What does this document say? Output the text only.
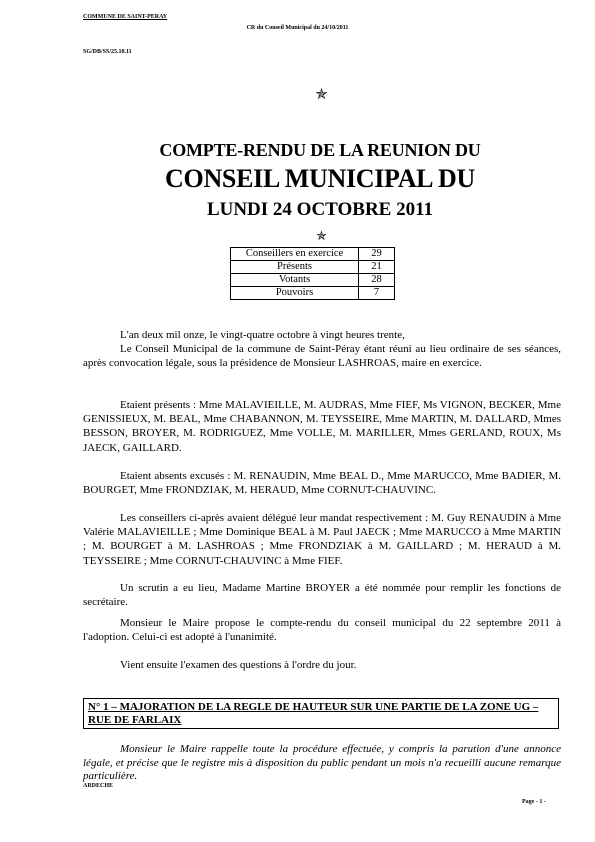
COMMUNE DE SAINT-PERAY
CR du Conseil Municipal du 24/10/2011
SG/DB/SS/25.10.11
✯
COMPTE-RENDU DE LA REUNION DU
CONSEIL MUNICIPAL DU
LUNDI 24 OCTOBRE 2011
✯
Conseillers en exercice	29
Présents	21
Votants	28
Pouvoirs	7

L'an deux mil onze, le vingt-quatre octobre à vingt heures trente,

Le Conseil Municipal de la commune de Saint-Péray étant réuni au lieu ordinaire de ses séances, après convocation légale, sous la présidence de Monsieur LASHROAS, maire en exercice.

Etaient présents : Mme MALAVIEILLE, M. AUDRAS, Mme FIEF, Ms VIGNON, BECKER, Mme GENISSIEUX, M. BEAL, Mme CHABANNON, M. TEYSSEIRE, Mme MARTIN, M. DALLARD, Mmes BESSON, BROYER, M. RODRIGUEZ, Mme VOLLE, M. MARILLER, Mmes GERLAND, ROUX, Ms JAECK, GAILLARD.

Etaient absents excusés : M. RENAUDIN, Mme BEAL D., Mme MARUCCO, Mme BADIER, M. BOURGET, Mme FRONDZIAK, M. HERAUD, Mme CORNUT-CHAUVINC.

Les conseillers ci-après avaient délégué leur mandat respectivement : M. Guy RENAUDIN à Mme Valérie MALAVIEILLE ; Mme Dominique BEAL à M. Paul JAECK ; Mme MARUCCO à Mme MARTIN ; M. BOURGET à M. LASHROAS ; Mme FRONDZIAK à M. GAILLARD ; M. HERAUD à M. TEYSSEIRE ; Mme CORNUT-CHAUVINC à Mme FIEF.

Un scrutin a eu lieu, Madame Martine BROYER a été nommée pour remplir les fonctions de secrétaire.

Monsieur le Maire propose le compte-rendu du conseil municipal du 22 septembre 2011 à l'adoption. Celui-ci est adopté à l'unanimité.

Vient ensuite l'examen des questions à l'ordre du jour.

N° 1 – MAJORATION DE LA REGLE DE HAUTEUR SUR UNE PARTIE DE LA ZONE UG – RUE DE FARLAIX
Monsieur le Maire rappelle toute la procédure effectuée, y compris la parution d'une annonce légale, et précise que le registre mis à disposition du public pendant un mois n'a recueilli aucune remarque particulière.
ARDECHE
Page - 1 -
